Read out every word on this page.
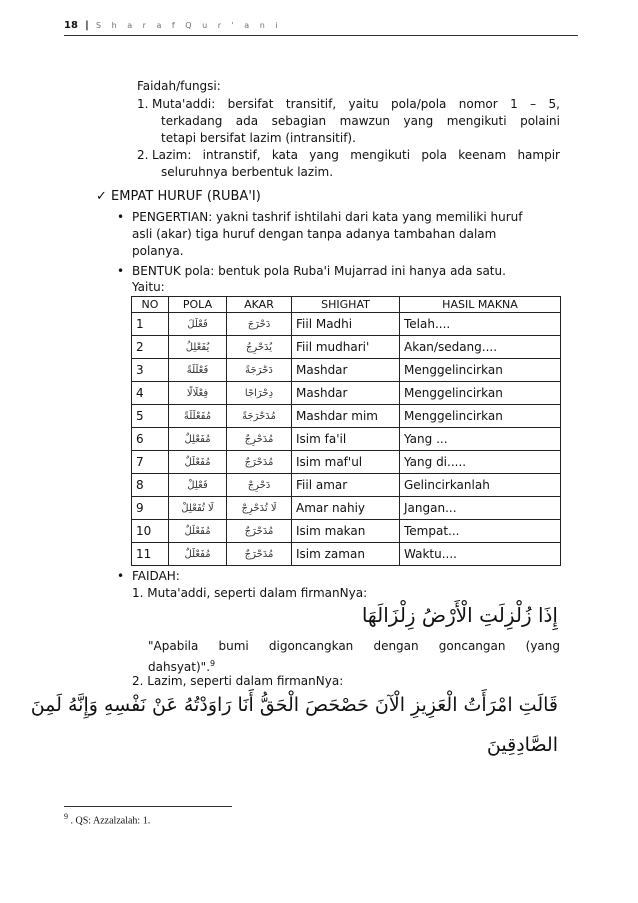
18 | S h a r a f Q u r ' a n i
Faidah/fungsi:
1. Muta'addi: bersifat transitif, yaitu pola/pola nomor 1 – 5,
terkadang ada sebagian mawzun yang mengikuti polaini
tetapi bersifat lazim (intransitif).
2. Lazim: intranstif, kata yang mengikuti pola keenam hampir
seluruhnya berbentuk lazim.
✓ EMPAT HURUF (RUBA'I)
• PENGERTIAN: yakni tashrif ishtilahi dari kata yang memiliki huruf
asli (akar) tiga huruf dengan tanpa adanya tambahan dalam
polanya.
• BENTUK pola: bentuk pola Ruba'i Mujarrad ini hanya ada satu.
Yaitu:
NO	POLA	AKAR	SHIGHAT	HASIL MAKNA
1	فَعْلَلَ	دَحْرَجَ	Fiil Madhi	Telah....
2	يُفَعْلِلُ	يُدَحْرِجُ	Fiil mudhari'	Akan/sedang....
3	فَعْلَلَةً	دَحْرَجَةً	Mashdar	Menggelincirkan
4	فِعْلَالًا	دِحْرَاجًا	Mashdar	Menggelincirkan
5	مُفَعْلَلَةً	مُدَحْرَجَةً	Mashdar mim	Menggelincirkan
6	مُفَعْلِلٌ	مُدَحْرِجٌ	Isim fa'il	Yang ...
7	مُفَعْلَلٌ	مُدَحْرَجٌ	Isim maf'ul	Yang di.....
8	فَعْلِلْ	دَحْرِجْ	Fiil amar	Gelincirkanlah
9	لَا تُفَعْلِلْ	لَا تُدَحْرِجْ	Amar nahiy	Jangan...
10	مُفَعْلَلٌ	مُدَحْرَجٌ	Isim makan	Tempat...
11	مُفَعْلَلٌ	مُدَحْرَجٌ	Isim zaman	Waktu....
• FAIDAH:
1. Muta'addi, seperti dalam firmanNya:
إِذَا زُلْزِلَتِ الْأَرْضُ زِلْزَالَهَا
"Apabila bumi digoncangkan dengan goncangan (yang
dahsyat)".$^9$
2. Lazim, seperti dalam firmanNya:
قَالَتِ امْرَأَتُ الْعَزِيزِ الْآنَ حَصْحَصَ الْحَقُّ أَنَا رَاوَدْتُهُ عَنْ نَفْسِهِ وَإِنَّهُ لَمِنَ
الصَّادِقِينَ
$^9$ . QS: Azzalzalah: 1.
